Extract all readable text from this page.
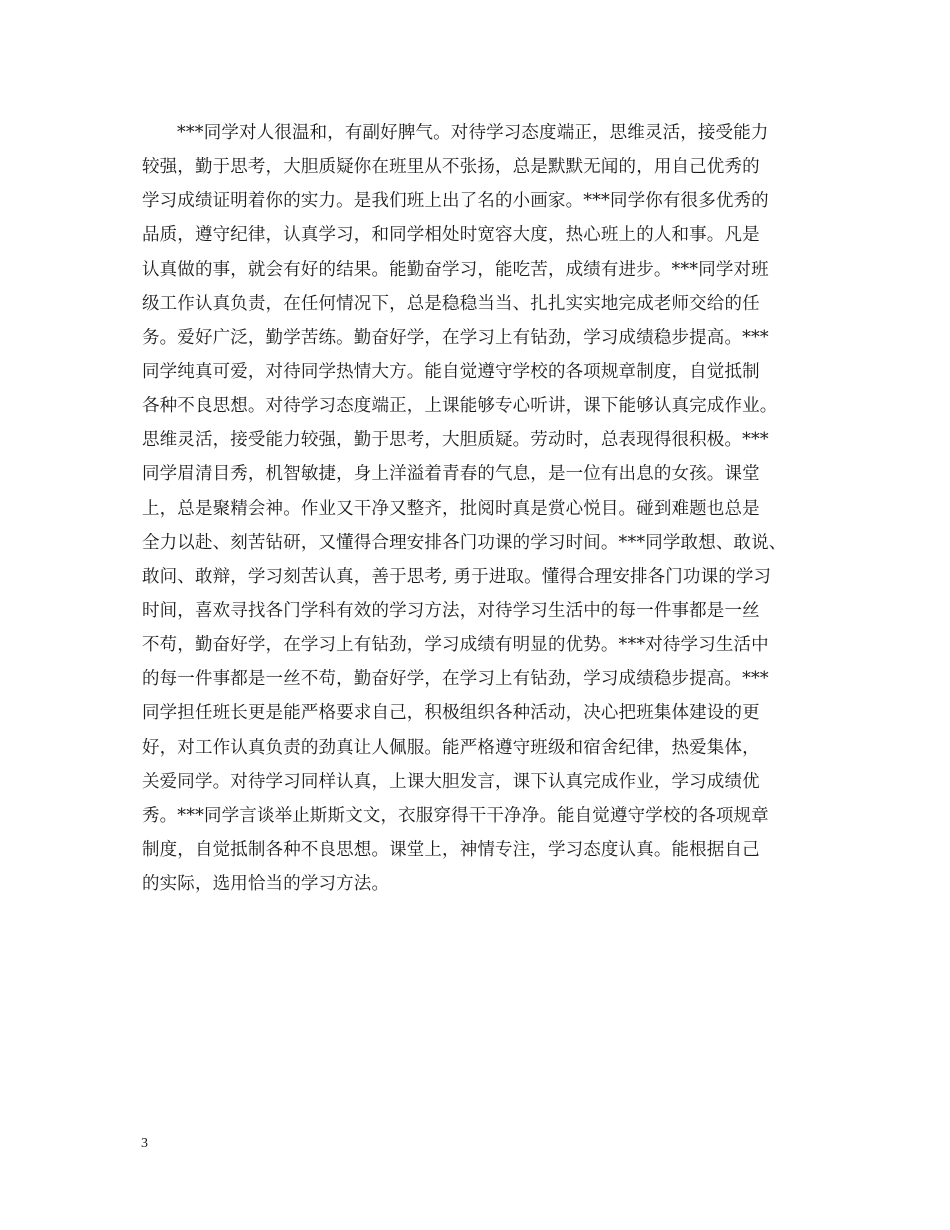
***同学对人很温和，有副好脾气。对待学习态度端正，思维灵活，接受能力
较强，勤于思考，大胆质疑你在班里从不张扬，总是默默无闻的，用自己优秀的
学习成绩证明着你的实力。是我们班上出了名的小画家。***同学你有很多优秀的
品质，遵守纪律，认真学习，和同学相处时宽容大度，热心班上的人和事。凡是
认真做的事，就会有好的结果。能勤奋学习，能吃苦，成绩有进步。***同学对班
级工作认真负责，在任何情况下，总是稳稳当当、扎扎实实地完成老师交给的任
务。爱好广泛，勤学苦练。勤奋好学，在学习上有钻劲，学习成绩稳步提高。***
同学纯真可爱，对待同学热情大方。能自觉遵守学校的各项规章制度，自觉抵制
各种不良思想。对待学习态度端正，上课能够专心听讲，课下能够认真完成作业。
思维灵活，接受能力较强，勤于思考，大胆质疑。劳动时，总表现得很积极。***
同学眉清目秀，机智敏捷，身上洋溢着青春的气息，是一位有出息的女孩。课堂
上，总是聚精会神。作业又干净又整齐，批阅时真是赏心悦目。碰到难题也总是
全力以赴、刻苦钻研，又懂得合理安排各门功课的学习时间。***同学敢想、敢说、
敢问、敢辩，学习刻苦认真，善于思考, 勇于进取。懂得合理安排各门功课的学习
时间，喜欢寻找各门学科有效的学习方法，对待学习生活中的每一件事都是一丝
不苟，勤奋好学，在学习上有钻劲，学习成绩有明显的优势。***对待学习生活中
的每一件事都是一丝不苟，勤奋好学，在学习上有钻劲，学习成绩稳步提高。***
同学担任班长更是能严格要求自己，积极组织各种活动，决心把班集体建设的更
好，对工作认真负责的劲真让人佩服。能严格遵守班级和宿舍纪律，热爱集体，
关爱同学。对待学习同样认真，上课大胆发言，课下认真完成作业，学习成绩优
秀。***同学言谈举止斯斯文文，衣服穿得干干净净。能自觉遵守学校的各项规章
制度，自觉抵制各种不良思想。课堂上，神情专注，学习态度认真。能根据自己
的实际，选用恰当的学习方法。
3
